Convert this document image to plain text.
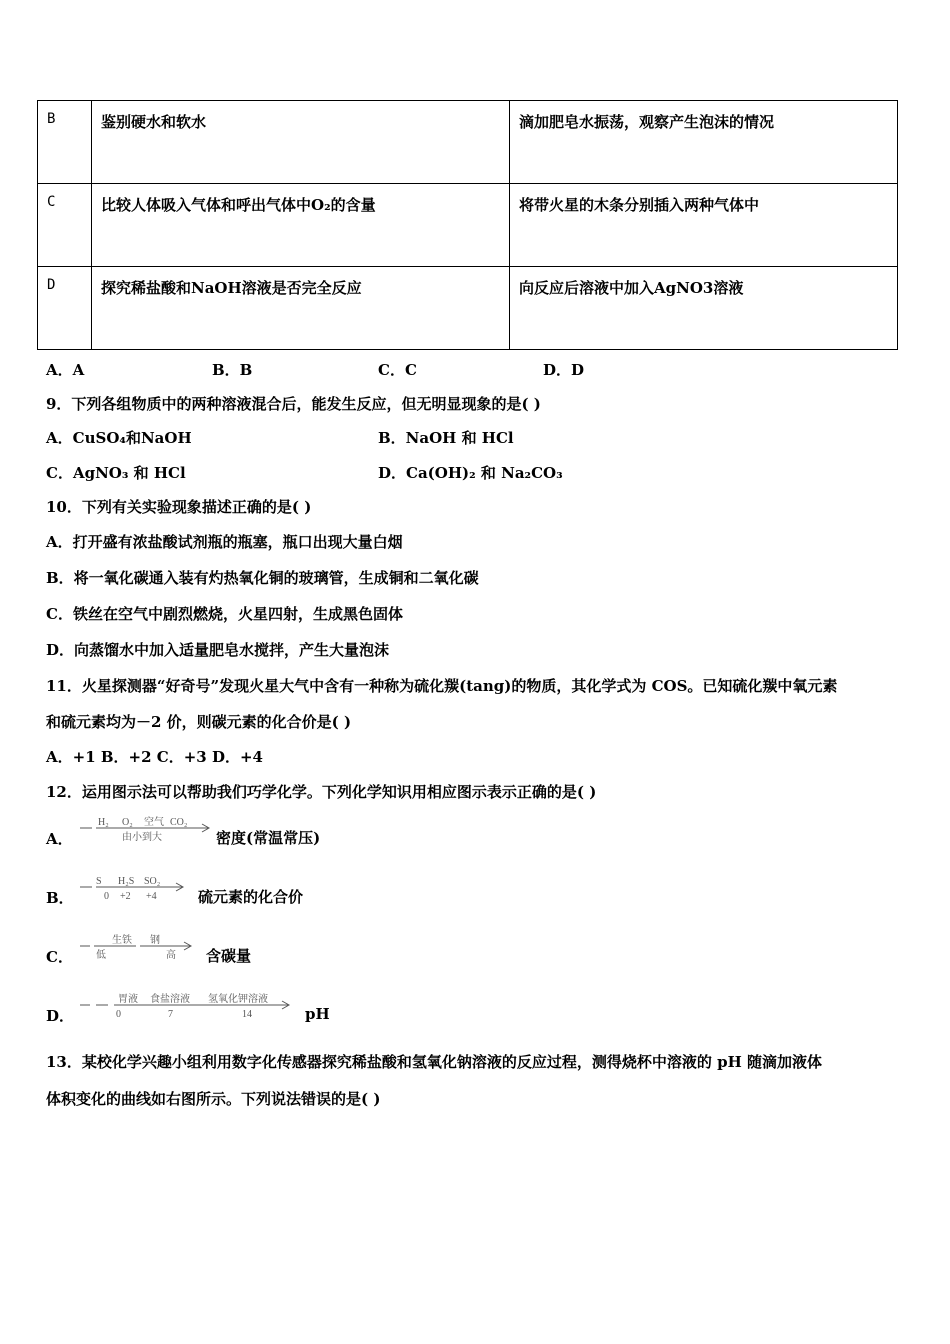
B	鉴别硬水和软水	滴加肥皂水振荡，观察产生泡沫的情况
C	比较人体吸入气体和呼出气体中O₂的含量	将带火星的木条分别插入两种气体中
D	探究稀盐酸和NaOH溶液是否完全反应	向反应后溶液中加入AgNO3溶液
A．A	B．B	C．C	D．D
9．下列各组物质中的两种溶液混合后，能发生反应，但无明显现象的是( )
A．CuSO₄和NaOH	B．NaOH 和 HCl
C．AgNO₃ 和 HCl	D．Ca(OH)₂ 和 Na₂CO₃
10．下列有关实验现象描述正确的是( )
A．打开盛有浓盐酸试剂瓶的瓶塞，瓶口出现大量白烟
B．将一氧化碳通入装有灼热氧化铜的玻璃管，生成铜和二氧化碳
C．铁丝在空气中剧烈燃烧，火星四射，生成黑色固体
D．向蒸馏水中加入适量肥皂水搅拌，产生大量泡沫
11．火星探测器“好奇号”发现火星大气中含有一种称为硫化羰(tang)的物质，其化学式为 COS。已知硫化羰中氧元素
和硫元素均为－2 价，则碳元素的化合价是( )
A．+1 B．+2 C．+3 D．+4
12．运用图示法可以帮助我们巧学化学。下列化学知识用相应图示表示正确的是( )
A．
H₂ O₂ 空气 CO₂
由小到大	密度(常温常压)
B．
S H₂S SO₂
0 +2 +4	硫元素的化合价
C．
生铁 钢
低	高 含碳量
D．
胃液 食盐溶液 氢氧化钾溶液
0	7	14	pH
13．某校化学兴趣小组利用数字化传感器探究稀盐酸和氢氧化钠溶液的反应过程，测得烧杯中溶液的 pH 随滴加液体
体积变化的曲线如右图所示。下列说法错误的是( )
